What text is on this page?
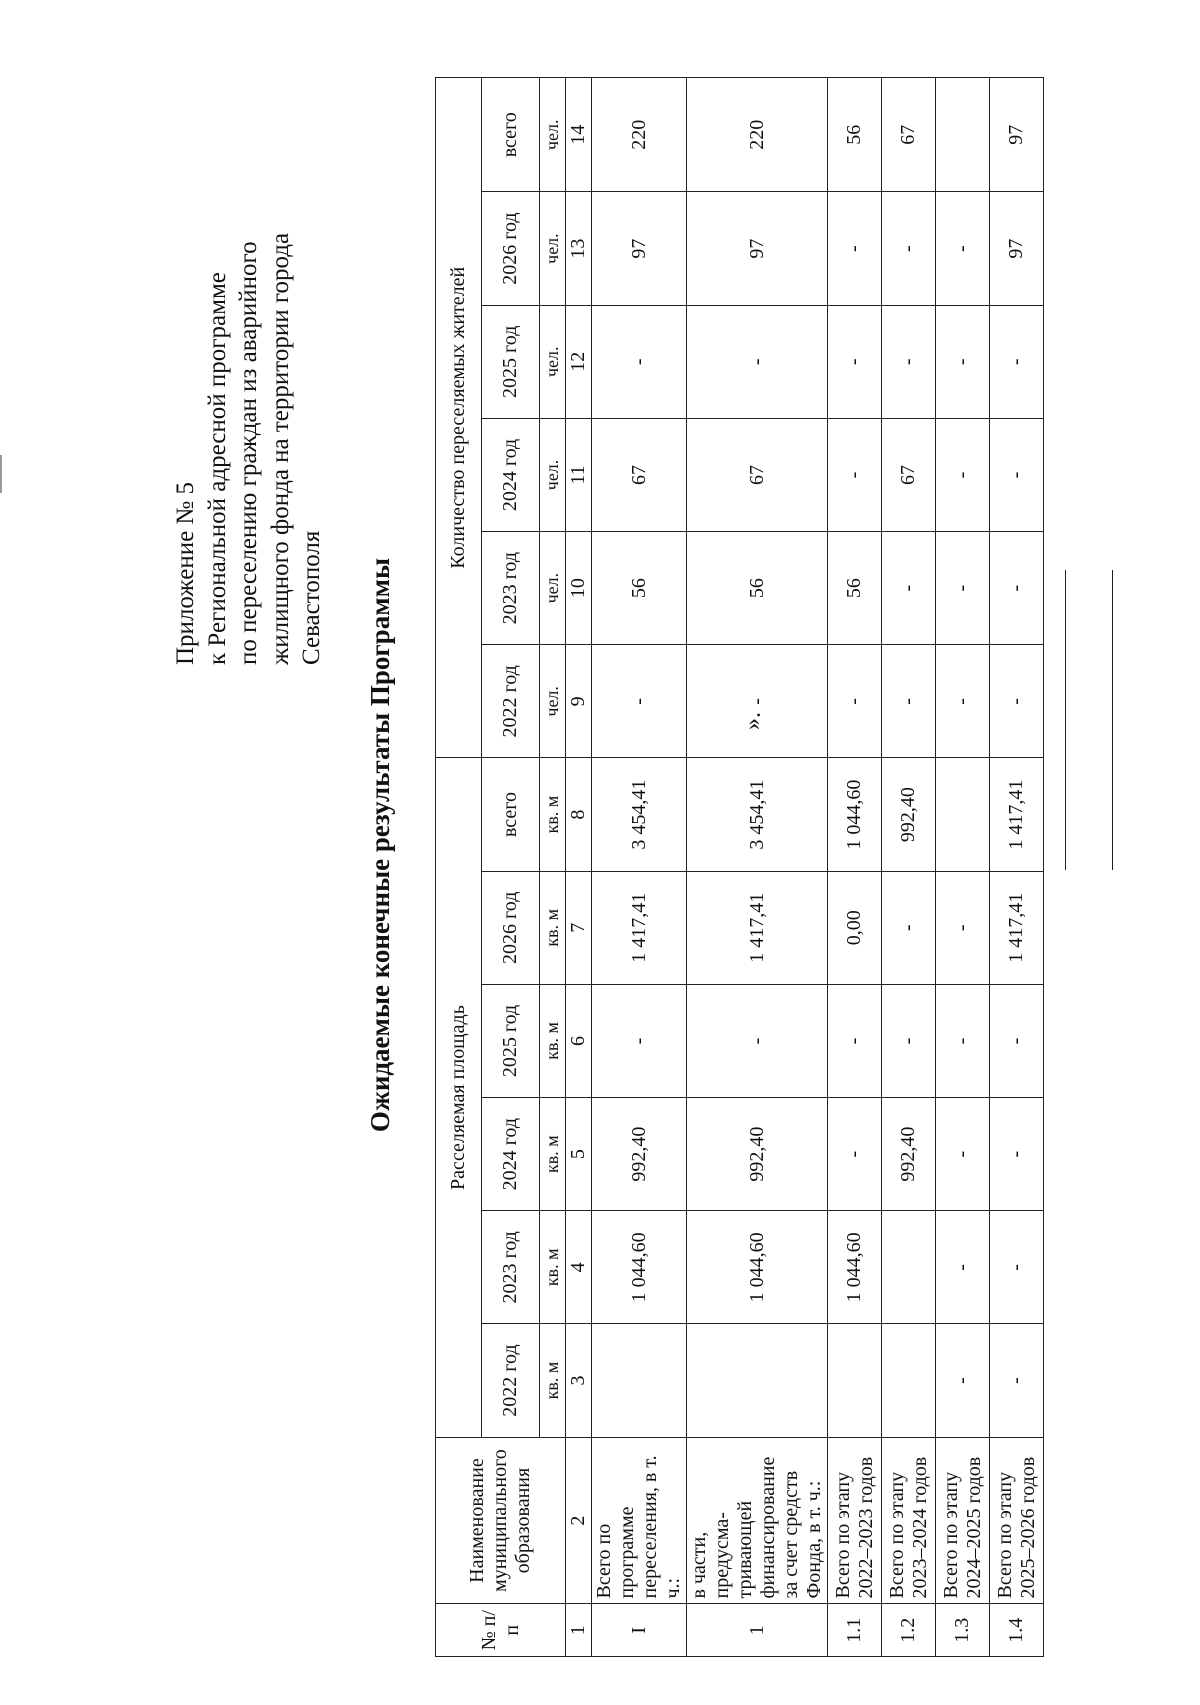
Приложение № 5 к Региональной адресной программе по переселению граждан из аварийного жилищного фонда на территории города Севастополя Ожидаемые конечные результаты Программы
№ п/п	Наименование муниципального образования	Расселяемая площадь						Количество переселяемых жителей					
		2022 год	2023 год	2024 год	2025 год	2026 год	всего	2022 год	2023 год	2024 год	2025 год	2026 год	всего
		кв. м	кв. м	кв. м	кв. м	кв. м	кв. м	чел.	чел.	чел.	чел.	чел.	чел.
1	2	3	4	5	6	7	8	9	10	11	12	13	14
I	Всего по программе переселения, в т. ч.:		1 044,60	992,40	-	1 417,41	3 454,41	-	56	67	-	97	220
1	в части, предусма-тривающей финансирование за счет средств Фонда, в т. ч.:		1 044,60	992,40	-	1 417,41	3 454,41	-	56	67	-	97	220
1.1	Всего по этапу 2022–2023 годов		1 044,60	-	-	0,00	1 044,60	-	56	-	-	-	56
1.2	Всего по этапу 2023–2024 годов			992,40	-	-	992,40	-	-	67	-	-	67
1.3	Всего по этапу 2024–2025 годов	-	-	-	-	-		-	-	-	-	-	
1.4	Всего по этапу 2025–2026 годов	-	-	-	-	1 417,41	1 417,41	-	-	-	-	97	97
».
